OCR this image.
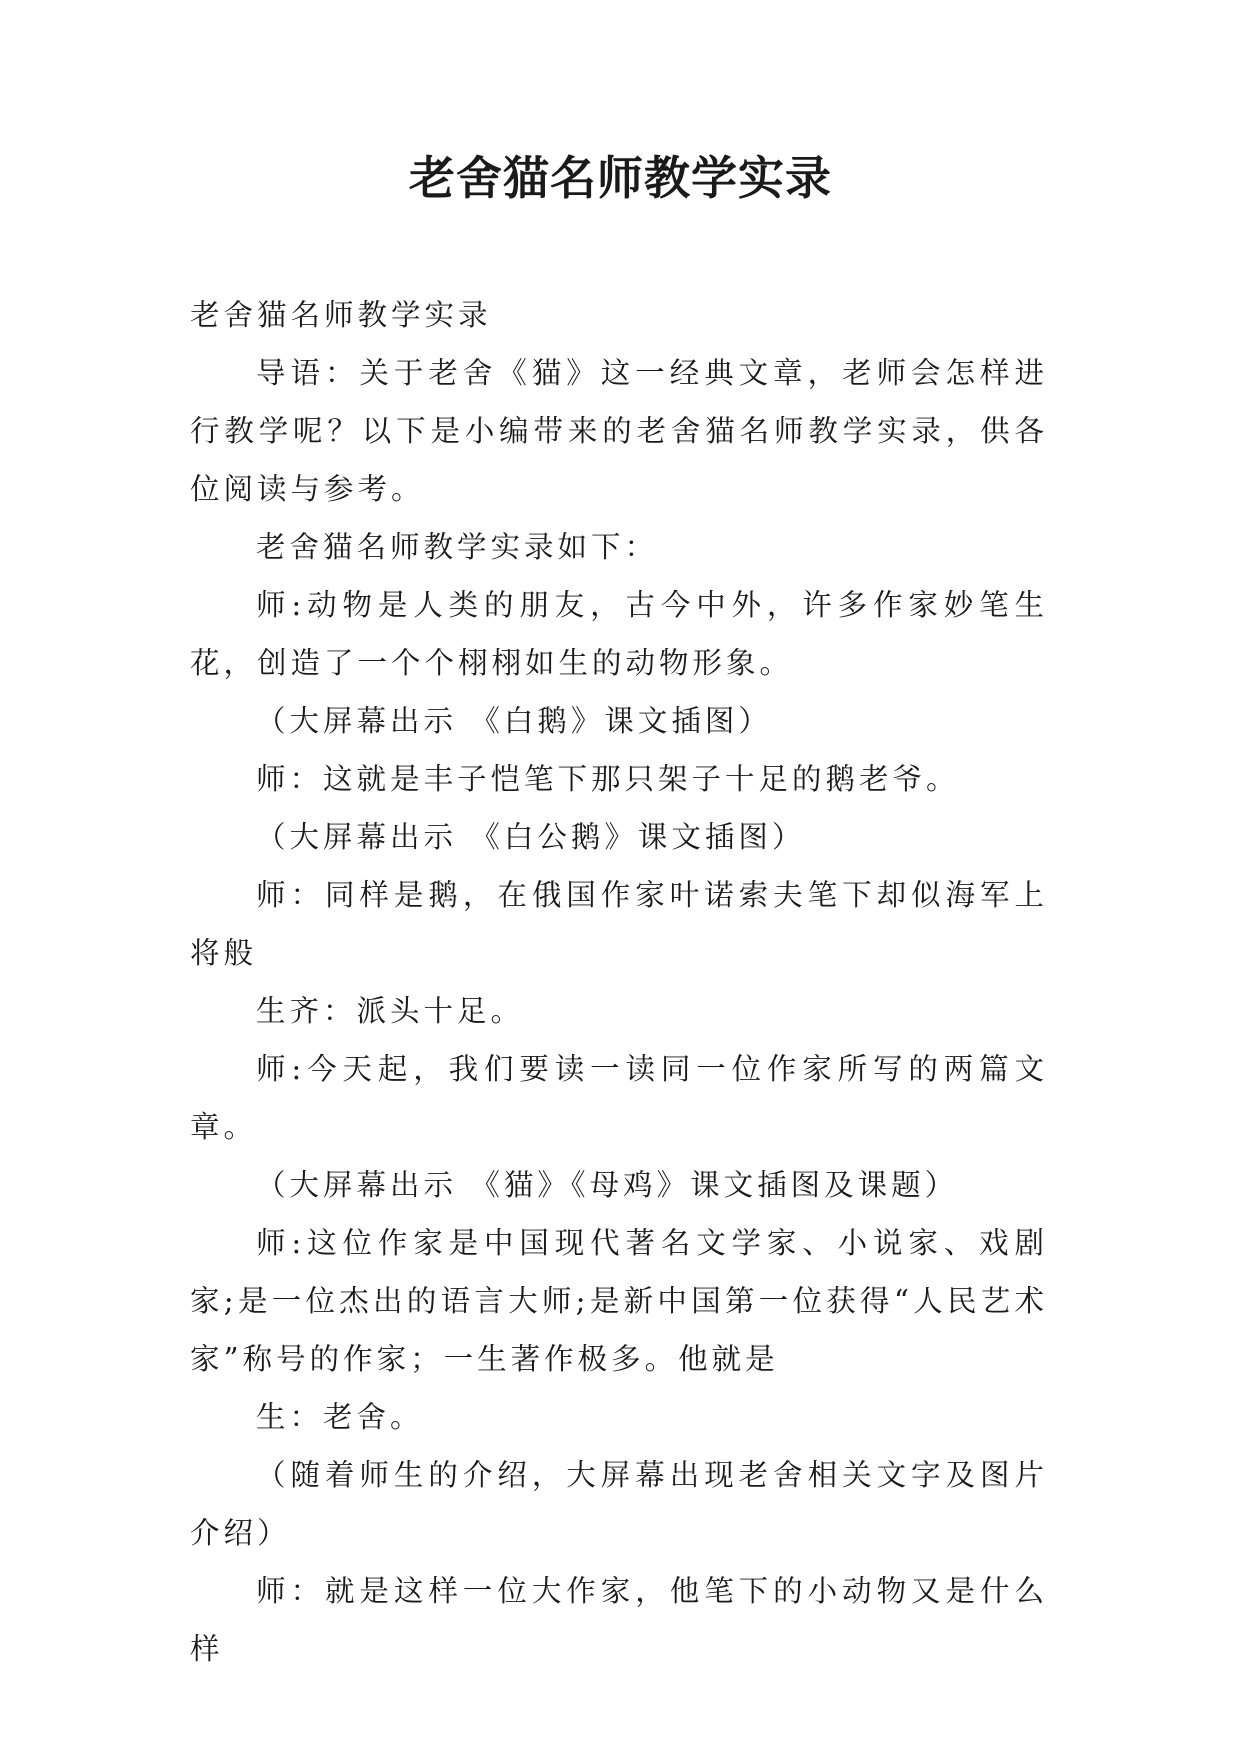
老舍猫名师教学实录

老舍猫名师教学实录

导语：关于老舍《猫》这一经典文章，老师会怎样进行教学呢？以下是小编带来的老舍猫名师教学实录，供各位阅读与参考。

老舍猫名师教学实录如下：

师:动物是人类的朋友，古今中外，许多作家妙笔生花，创造了一个个栩栩如生的动物形象。

（大屏幕出示 《白鹅》课文插图）

师：这就是丰子恺笔下那只架子十足的鹅老爷。

（大屏幕出示 《白公鹅》课文插图）

师：同样是鹅，在俄国作家叶诺索夫笔下却似海军上将般

生齐：派头十足。

师:今天起，我们要读一读同一位作家所写的两篇文章。

（大屏幕出示 《猫》《母鸡》课文插图及课题）

师:这位作家是中国现代著名文学家、小说家、戏剧家;是一位杰出的语言大师;是新中国第一位获得“人民艺术家”称号的作家；一生著作极多。他就是

生：老舍。

（随着师生的介绍，大屏幕出现老舍相关文字及图片介绍）

师：就是这样一位大作家，他笔下的小动物又是什么样
